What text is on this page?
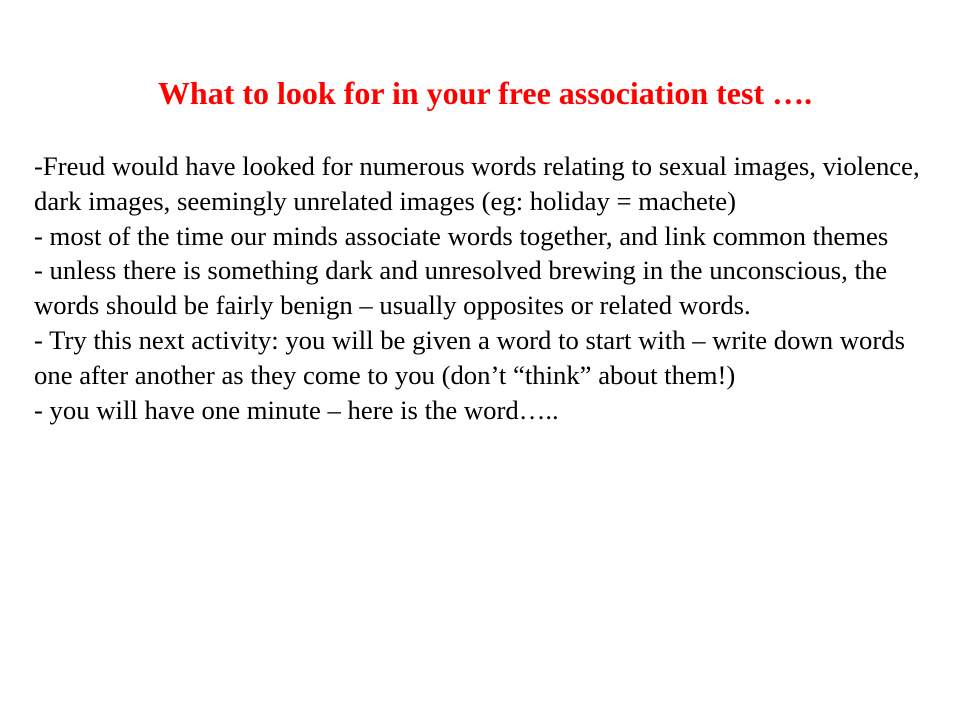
What to look for in your free association test ….

-Freud would have looked for numerous words relating to sexual images, violence, dark images, seemingly unrelated images (eg: holiday = machete)

- most of the time our minds associate words together, and link common themes

- unless there is something dark and unresolved brewing in the unconscious, the words should be fairly benign – usually opposites or related words.

- Try this next activity: you will be given a word to start with – write down words one after another as they come to you (don’t “think” about them!)

- you will have one minute – here is the word…..
